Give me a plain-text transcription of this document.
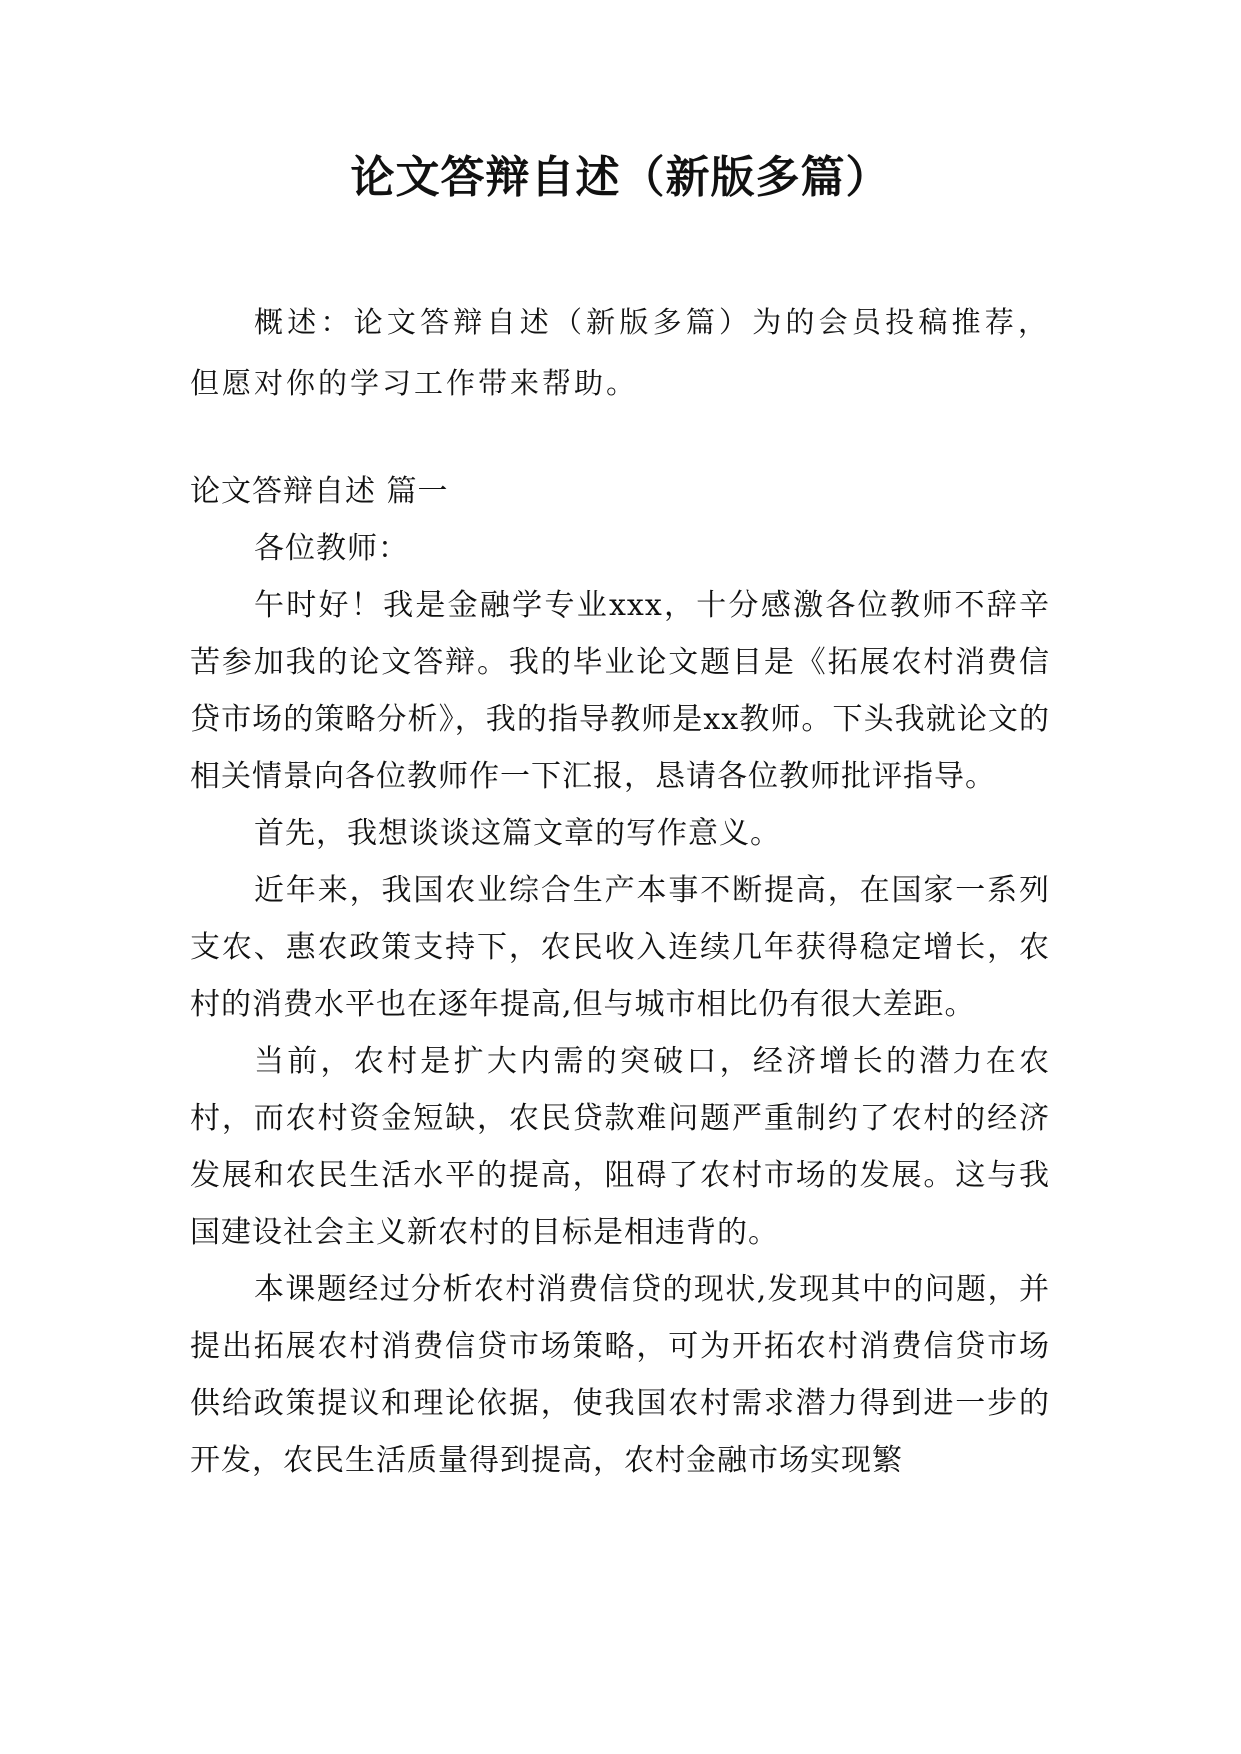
论文答辩自述（新版多篇）

概述：论文答辩自述（新版多篇）为的会员投稿推荐，但愿对你的学习工作带来帮助。

论文答辩自述 篇一

各位教师：

午时好！我是金融学专业xxx，十分感激各位教师不辞辛苦参加我的论文答辩。我的毕业论文题目是《拓展农村消费信贷市场的策略分析》，我的指导教师是xx教师。下头我就论文的相关情景向各位教师作一下汇报，恳请各位教师批评指导。

首先，我想谈谈这篇文章的写作意义。

近年来，我国农业综合生产本事不断提高，在国家一系列支农、惠农政策支持下，农民收入连续几年获得稳定增长，农村的消费水平也在逐年提高,但与城市相比仍有很大差距。

当前，农村是扩大内需的突破口，经济增长的潜力在农村，而农村资金短缺，农民贷款难问题严重制约了农村的经济发展和农民生活水平的提高，阻碍了农村市场的发展。这与我国建设社会主义新农村的目标是相违背的。

本课题经过分析农村消费信贷的现状,发现其中的问题，并提出拓展农村消费信贷市场策略，可为开拓农村消费信贷市场供给政策提议和理论依据，使我国农村需求潜力得到进一步的开发，农民生活质量得到提高，农村金融市场实现繁
